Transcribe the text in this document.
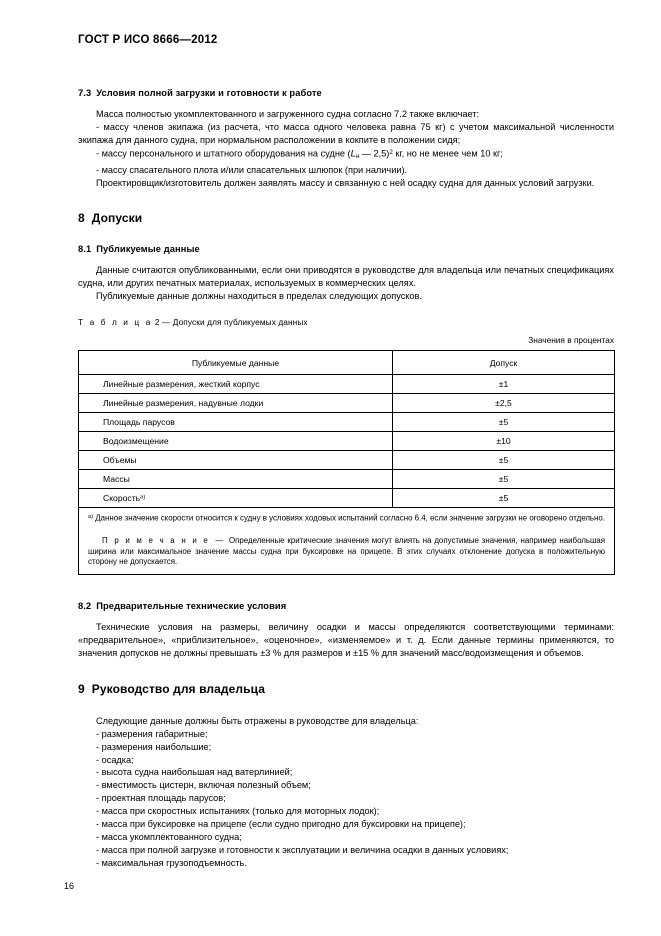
ГОСТ Р ИСО 8666—2012
7.3 Условия полной загрузки и готовности к работе

Масса полностью укомплектованного и загруженного судна согласно 7.2 также включает:

- массу членов экипажа (из расчета, что масса одного человека равна 75 кг) с учетом максимальной численности экипажа для данного судна, при нормальном расположении в кокпите в положении сидя;

- массу персонального и штатного оборудования на судне ($L_н$ — 2,5)$^2$ кг, но не менее чем 10 кг;

- массу спасательного плота и/или спасательных шлюпок (при наличии).

Проектировщик/изготовитель должен заявлять массу и связанную с ней осадку судна для данных условий загрузки.

8 Допуски
8.1 Публикуемые данные

Данные считаются опубликованными, если они приводятся в руководстве для владельца или печатных спецификациях судна, или других печатных материалах, используемых в коммерческих целях.

Публикуемые данные должны находиться в пределах следующих допусков.

Т а б л и ц а 2 — Допуски для публикуемых данных

Значения в процентах

Публикуемые данные	Допуск
Линейные размерения, жесткий корпус	±1
Линейные размерения, надувные лодки	±2,5
Площадь парусов	±5
Водоизмещение	±10
Объемы	±5
Массы	±5
Скорость$^{а)}$	±5

$^{а)}$ Данное значение скорости относится к судну в условиях ходовых испытаний согласно 6.4, если значение загрузки не оговорено отдельно.

П р и м е ч а н и е — Определенные критические значения могут влиять на допустимые значения, например наибольшая ширина или максимальное значение массы судна при буксировке на прицепе. В этих случаях отклонение допуска в положительную сторону не допускается.	

8.2 Предварительные технические условия

Технические условия на размеры, величину осадки и массы определяются соответствующими терминами: «предварительное», «приблизительное», «оценочное», «изменяемое» и т. д. Если данные термины применяются, то значения допусков не должны превышать ±3 % для размеров и ±15 % для значений масс/водоизмещения и объемов.

9 Руководство для владельца

Следующие данные должны быть отражены в руководстве для владельца:

- размерения габаритные;
- размерения наибольшие;
- осадка;
- высота судна наибольшая над ватерлинией;
- вместимость цистерн, включая полезный объем;
- проектная площадь парусов;
- масса при скоростных испытаниях (только для моторных лодок);
- масса при буксировке на прицепе (если судно пригодно для буксировки на прицепе);
- масса укомплектованного судна;
- масса при полной загрузке и готовности к эксплуатации и величина осадки в данных условиях;
- максимальная грузоподъемность.
16
